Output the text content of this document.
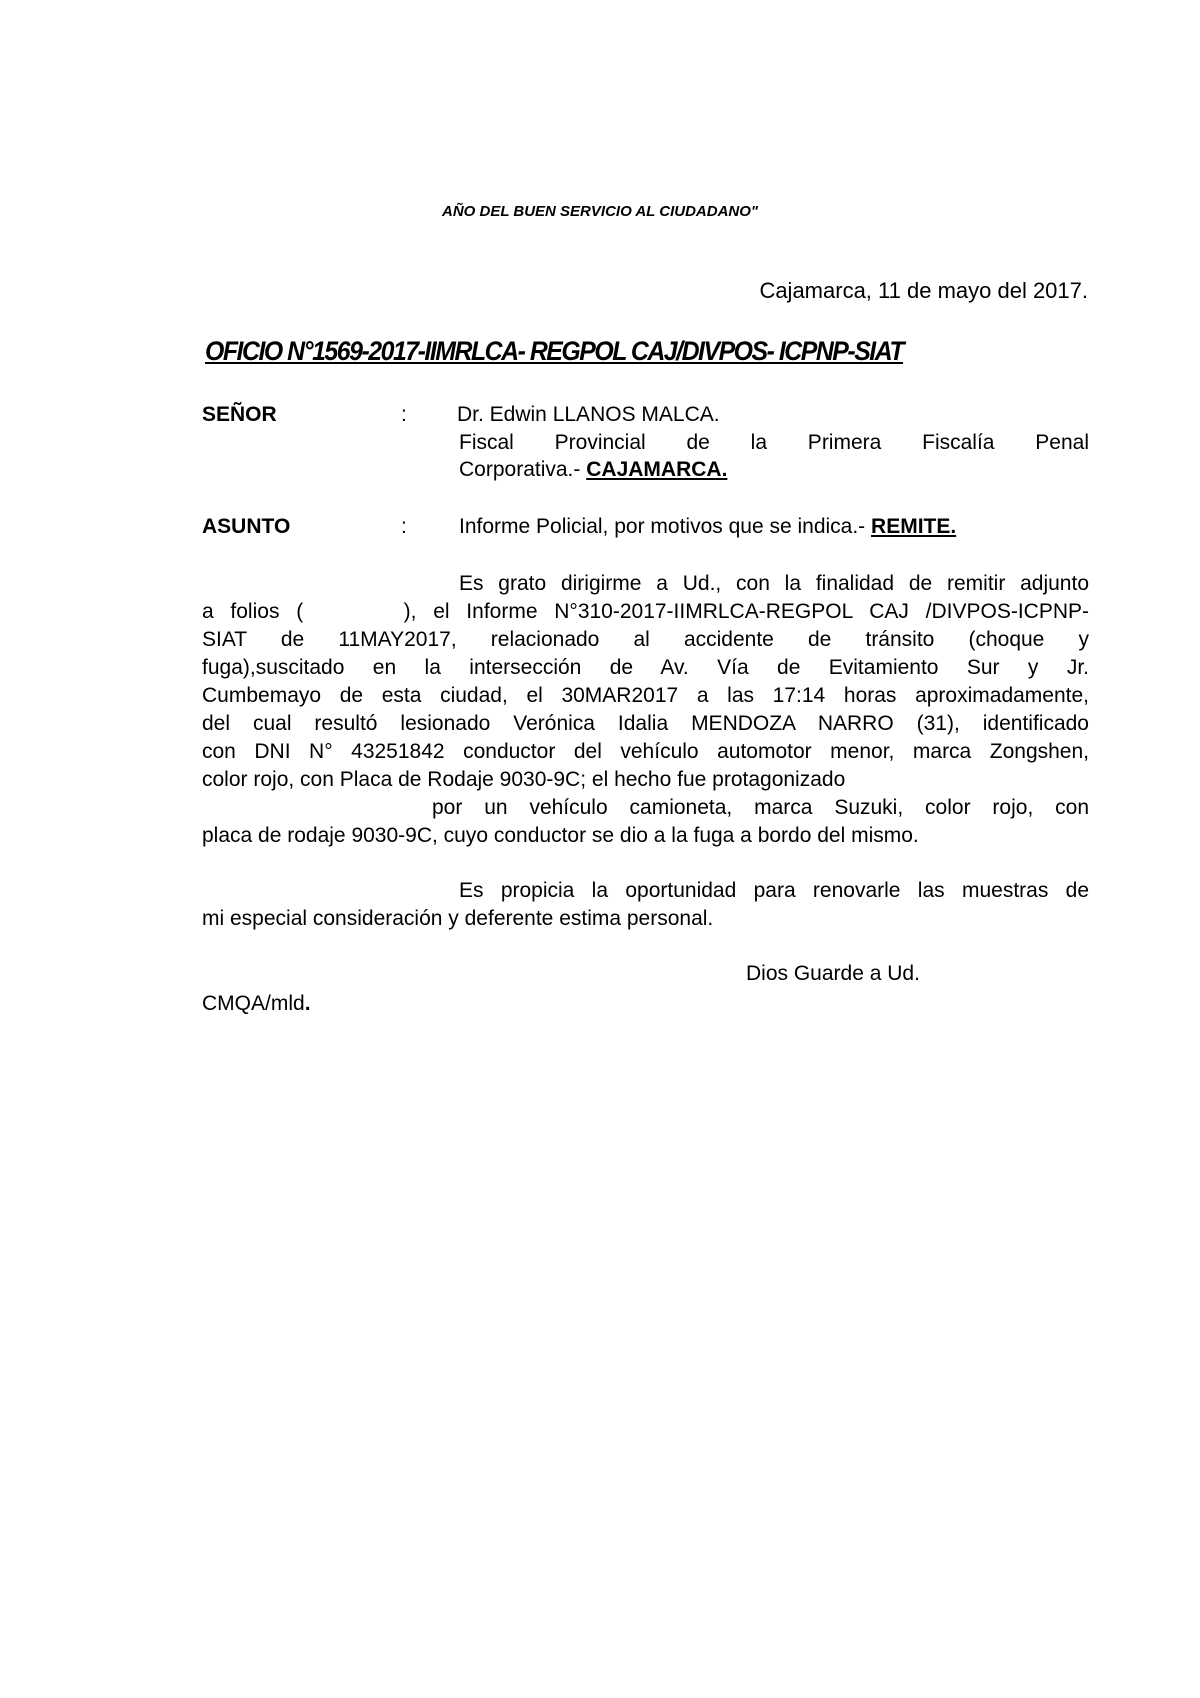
AÑO DEL BUEN SERVICIO AL CIUDADANO"
Cajamarca, 11 de mayo del 2017.
OFICIO N°1569-2017-IIMRLCA- REGPOL CAJ/DIVPOS- ICPNP-SIAT
SEÑOR	: Dr. Edwin LLANOS MALCA.
Fiscal Provincial de la Primera Fiscalía Penal
Corporativa.- CAJAMARCA.
ASUNTO	: Informe Policial, por motivos que se indica.- REMITE.

Es grato dirigirme a Ud., con la finalidad de remitir adjunto

a folios (      ), el Informe N°310-2017-IIMRLCA-REGPOL CAJ /DIVPOS-ICPNP-

SIAT de 11MAY2017, relacionado al accidente de tránsito (choque y

fuga),suscitado en la intersección de Av. Vía de Evitamiento Sur y Jr.

Cumbemayo de esta ciudad, el 30MAR2017 a las 17:14 horas aproximadamente,

del cual resultó lesionado Verónica Idalia MENDOZA NARRO (31), identificado

con DNI N° 43251842 conductor del vehículo automotor menor, marca Zongshen,

color rojo, con Placa de Rodaje 9030-9C; el hecho fue protagonizado

por un vehículo camioneta, marca Suzuki, color rojo, con

placa de rodaje 9030-9C, cuyo conductor se dio a la fuga a bordo del mismo.

Es propicia la oportunidad para renovarle las muestras de

mi especial consideración y deferente estima personal.

Dios Guarde a Ud.
CMQA/mld.
